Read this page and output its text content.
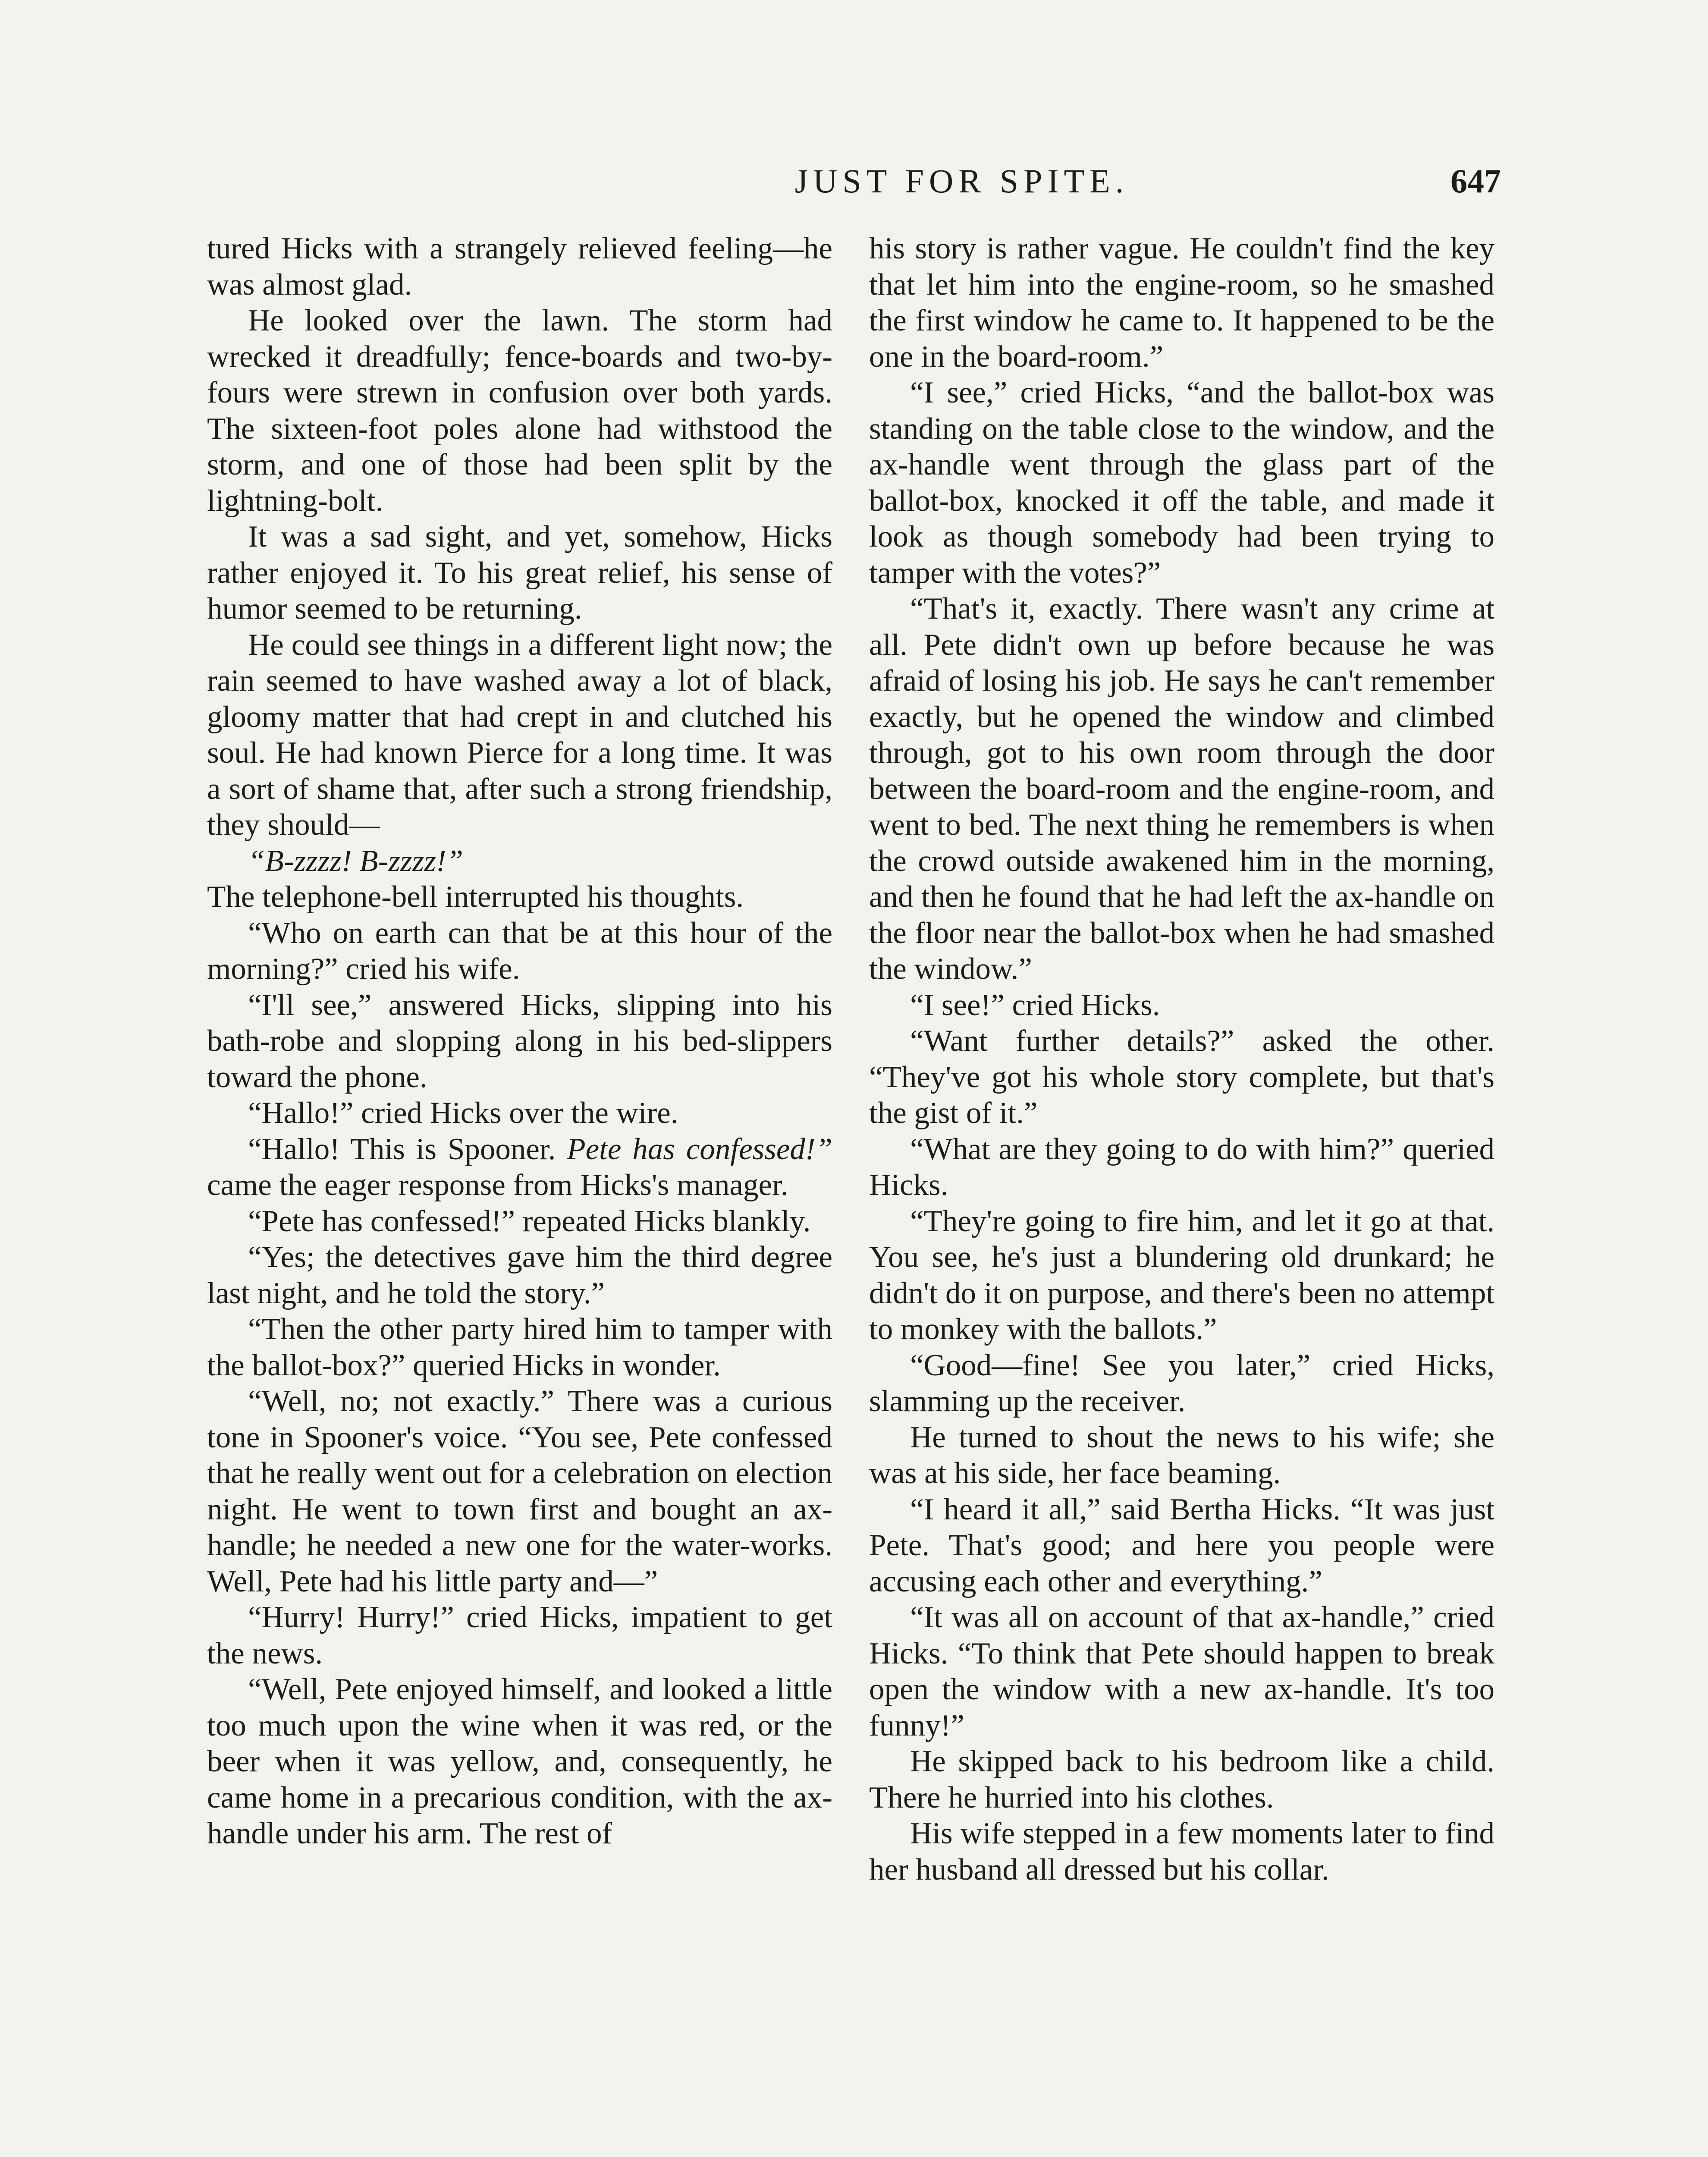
JUST FOR SPITE.	647

tured Hicks with a strangely relieved feeling—he was almost glad.

He looked over the lawn. The storm had wrecked it dreadfully; fence-boards and two-by-fours were strewn in confusion over both yards. The sixteen-foot poles alone had withstood the storm, and one of those had been split by the lightning-bolt.

It was a sad sight, and yet, somehow, Hicks rather enjoyed it. To his great relief, his sense of humor seemed to be returning.

He could see things in a different light now; the rain seemed to have washed away a lot of black, gloomy matter that had crept in and clutched his soul. He had known Pierce for a long time. It was a sort of shame that, after such a strong friendship, they should—

“B-zzzz! B-zzzz!”

The telephone-bell interrupted his thoughts.

“Who on earth can that be at this hour of the morning?” cried his wife.

“I'll see,” answered Hicks, slipping into his bath-robe and slopping along in his bed-slippers toward the phone.

“Hallo!” cried Hicks over the wire.

“Hallo! This is Spooner. Pete has confessed!” came the eager response from Hicks's manager.

“Pete has confessed!” repeated Hicks blankly.

“Yes; the detectives gave him the third degree last night, and he told the story.”

“Then the other party hired him to tamper with the ballot-box?” queried Hicks in wonder.

“Well, no; not exactly.” There was a curious tone in Spooner's voice. “You see, Pete confessed that he really went out for a celebration on election night. He went to town first and bought an ax-handle; he needed a new one for the water-works. Well, Pete had his little party and—”

“Hurry! Hurry!” cried Hicks, impatient to get the news.

“Well, Pete enjoyed himself, and looked a little too much upon the wine when it was red, or the beer when it was yellow, and, consequently, he came home in a precarious condition, with the ax-handle under his arm. The rest of

his story is rather vague. He couldn't find the key that let him into the engine-room, so he smashed the first window he came to. It happened to be the one in the board-room.”

“I see,” cried Hicks, “and the ballot-box was standing on the table close to the window, and the ax-handle went through the glass part of the ballot-box, knocked it off the table, and made it look as though somebody had been trying to tamper with the votes?”

“That's it, exactly. There wasn't any crime at all. Pete didn't own up before because he was afraid of losing his job. He says he can't remember exactly, but he opened the window and climbed through, got to his own room through the door between the board-room and the engine-room, and went to bed. The next thing he remembers is when the crowd outside awakened him in the morning, and then he found that he had left the ax-handle on the floor near the ballot-box when he had smashed the window.”

“I see!” cried Hicks.

“Want further details?” asked the other. “They've got his whole story complete, but that's the gist of it.”

“What are they going to do with him?” queried Hicks.

“They're going to fire him, and let it go at that. You see, he's just a blundering old drunkard; he didn't do it on purpose, and there's been no attempt to monkey with the ballots.”

“Good—fine! See you later,” cried Hicks, slamming up the receiver.

He turned to shout the news to his wife; she was at his side, her face beaming.

“I heard it all,” said Bertha Hicks. “It was just Pete. That's good; and here you people were accusing each other and everything.”

“It was all on account of that ax-handle,” cried Hicks. “To think that Pete should happen to break open the window with a new ax-handle. It's too funny!”

He skipped back to his bedroom like a child. There he hurried into his clothes.

His wife stepped in a few moments later to find her husband all dressed but his collar.
